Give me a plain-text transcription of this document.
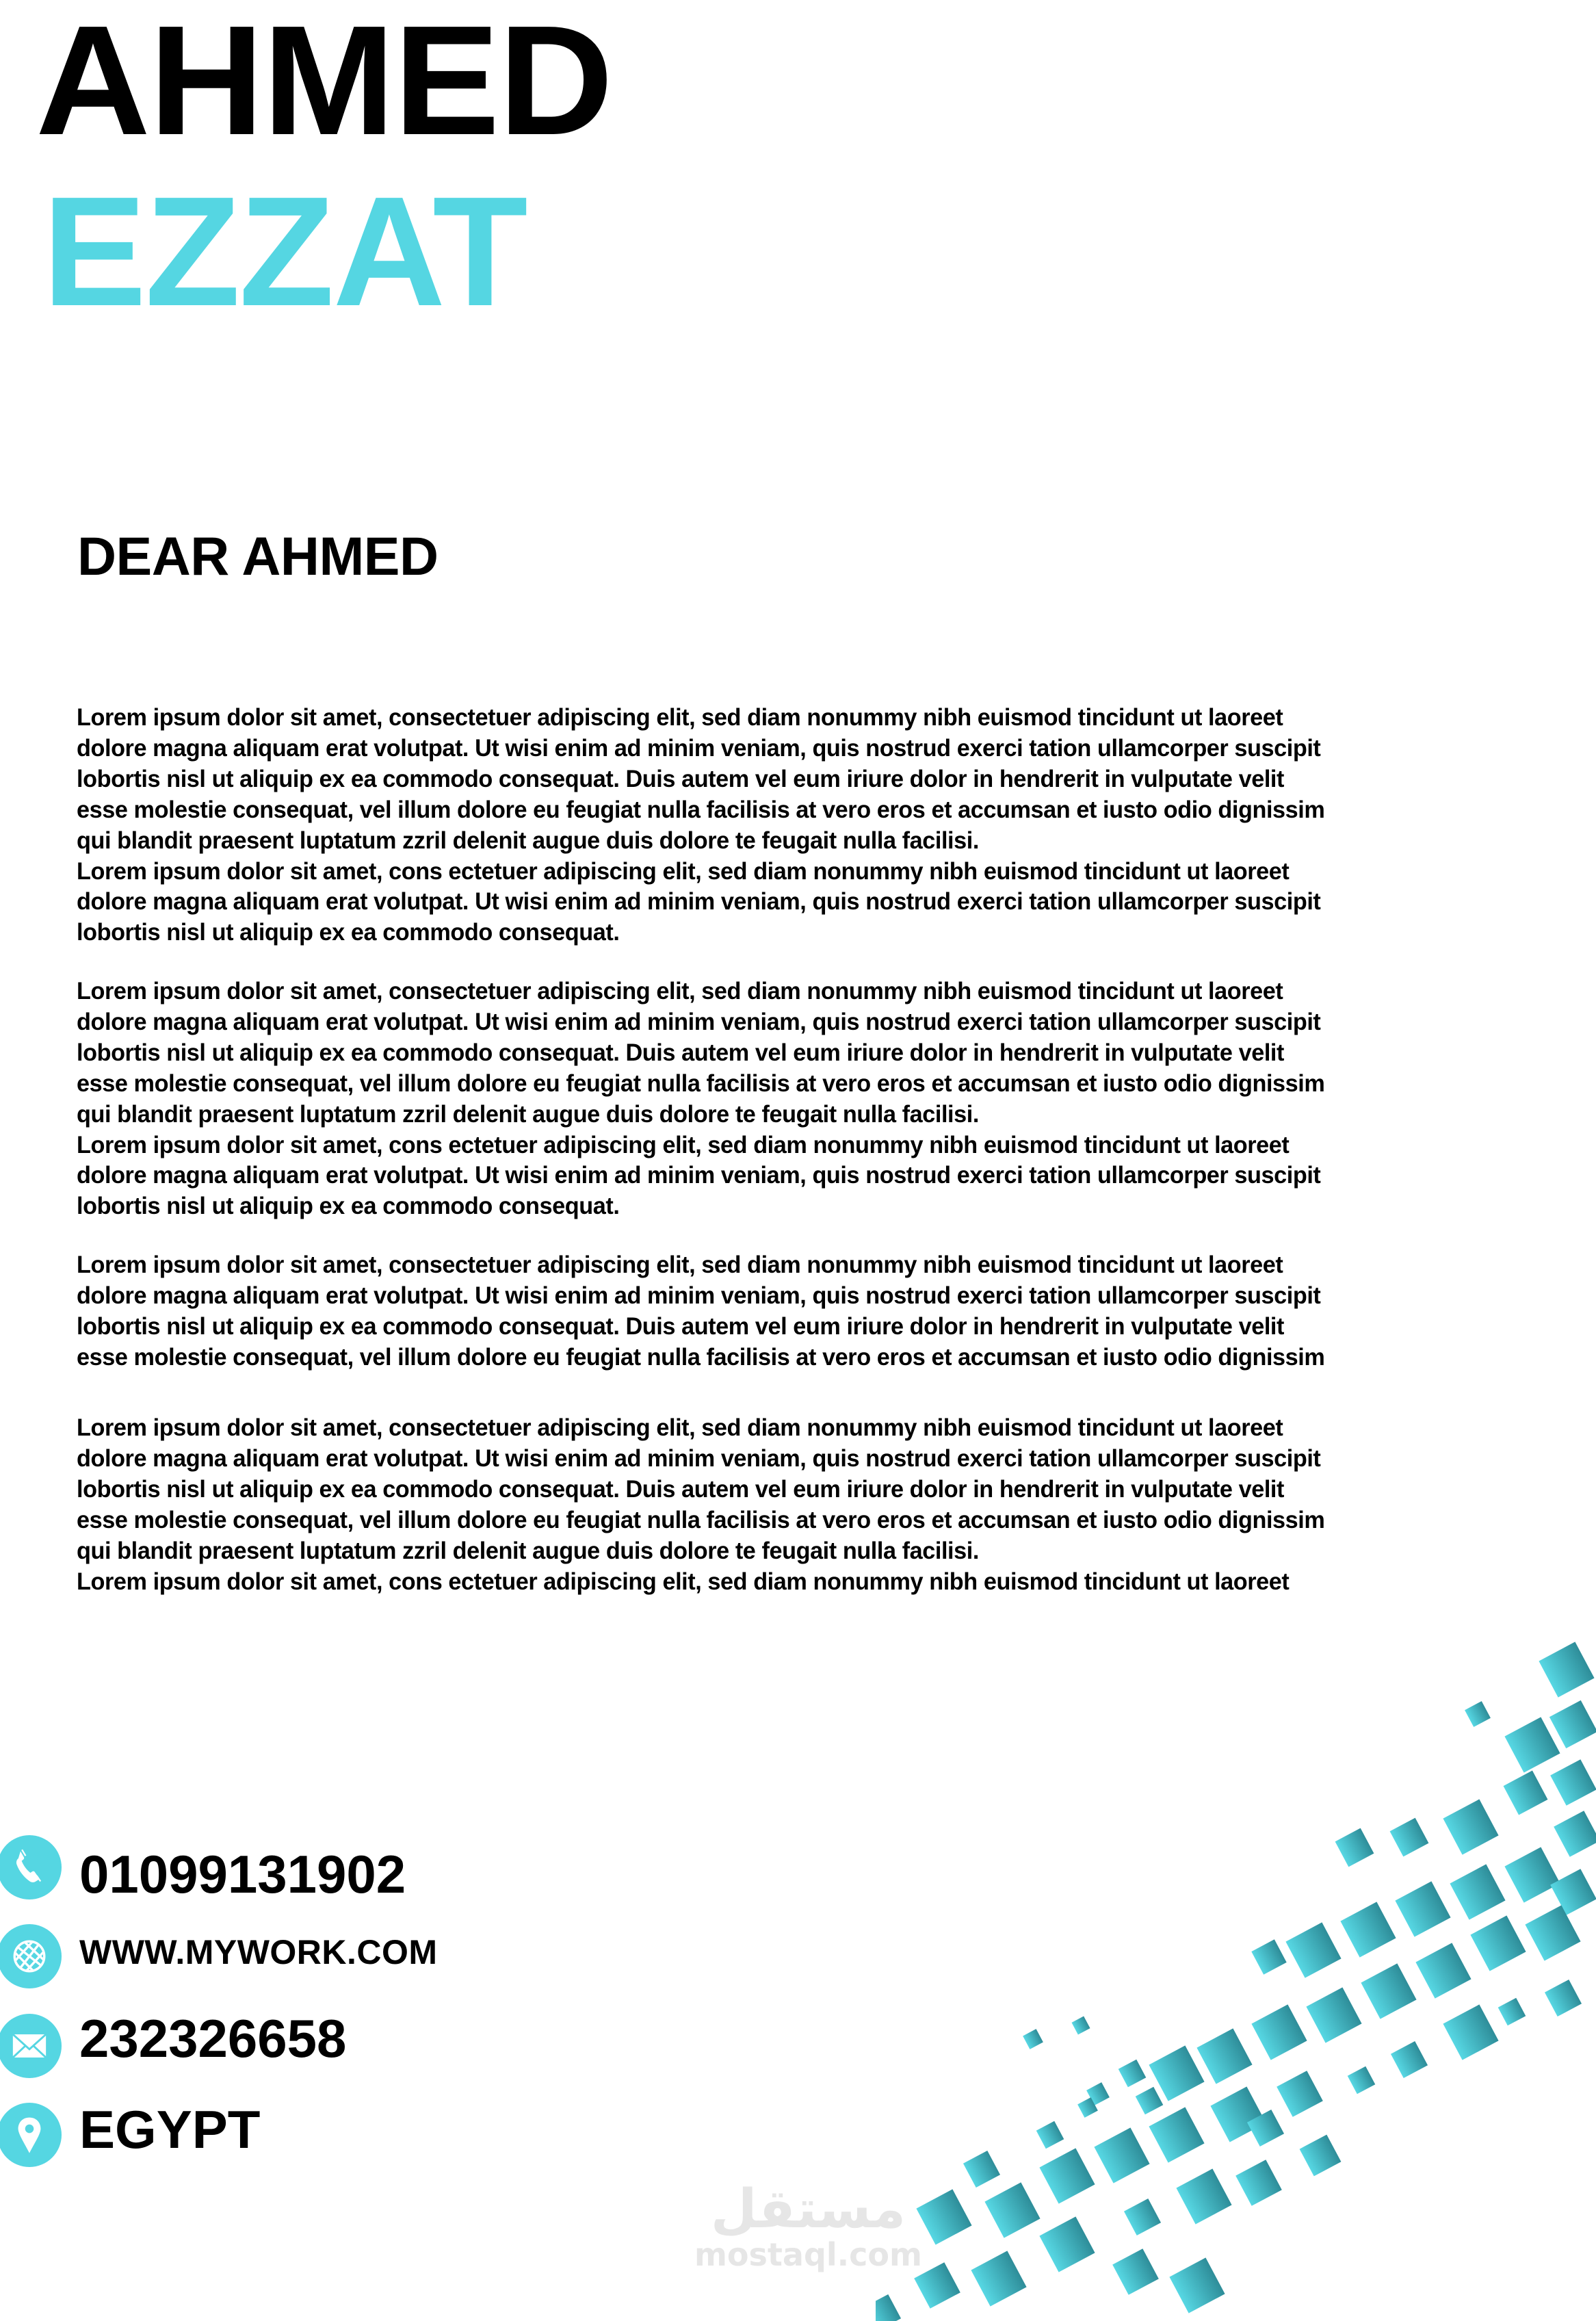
AHMED
EZZAT
DEAR AHMED

Lorem ipsum dolor sit amet, consectetuer adipiscing elit, sed diam nonummy nibh euismod tincidunt ut laoreet

dolore magna aliquam erat volutpat. Ut wisi enim ad minim veniam, quis nostrud exerci tation ullamcorper suscipit

lobortis nisl ut aliquip ex ea commodo consequat. Duis autem vel eum iriure dolor in hendrerit in vulputate velit

esse molestie consequat, vel illum dolore eu feugiat nulla facilisis at vero eros et accumsan et iusto odio dignissim

qui blandit praesent luptatum zzril delenit augue duis dolore te feugait nulla facilisi.

Lorem ipsum dolor sit amet, cons ectetuer adipiscing elit, sed diam nonummy nibh euismod tincidunt ut laoreet

dolore magna aliquam erat volutpat. Ut wisi enim ad minim veniam, quis nostrud exerci tation ullamcorper suscipit

lobortis nisl ut aliquip ex ea commodo consequat.

Lorem ipsum dolor sit amet, consectetuer adipiscing elit, sed diam nonummy nibh euismod tincidunt ut laoreet

dolore magna aliquam erat volutpat. Ut wisi enim ad minim veniam, quis nostrud exerci tation ullamcorper suscipit

lobortis nisl ut aliquip ex ea commodo consequat. Duis autem vel eum iriure dolor in hendrerit in vulputate velit

esse molestie consequat, vel illum dolore eu feugiat nulla facilisis at vero eros et accumsan et iusto odio dignissim

qui blandit praesent luptatum zzril delenit augue duis dolore te feugait nulla facilisi.

Lorem ipsum dolor sit amet, cons ectetuer adipiscing elit, sed diam nonummy nibh euismod tincidunt ut laoreet

dolore magna aliquam erat volutpat. Ut wisi enim ad minim veniam, quis nostrud exerci tation ullamcorper suscipit

lobortis nisl ut aliquip ex ea commodo consequat.

Lorem ipsum dolor sit amet, consectetuer adipiscing elit, sed diam nonummy nibh euismod tincidunt ut laoreet

dolore magna aliquam erat volutpat. Ut wisi enim ad minim veniam, quis nostrud exerci tation ullamcorper suscipit

lobortis nisl ut aliquip ex ea commodo consequat. Duis autem vel eum iriure dolor in hendrerit in vulputate velit

esse molestie consequat, vel illum dolore eu feugiat nulla facilisis at vero eros et accumsan et iusto odio dignissim

Lorem ipsum dolor sit amet, consectetuer adipiscing elit, sed diam nonummy nibh euismod tincidunt ut laoreet

dolore magna aliquam erat volutpat. Ut wisi enim ad minim veniam, quis nostrud exerci tation ullamcorper suscipit

lobortis nisl ut aliquip ex ea commodo consequat. Duis autem vel eum iriure dolor in hendrerit in vulputate velit

esse molestie consequat, vel illum dolore eu feugiat nulla facilisis at vero eros et accumsan et iusto odio dignissim

qui blandit praesent luptatum zzril delenit augue duis dolore te feugait nulla facilisi.

Lorem ipsum dolor sit amet, cons ectetuer adipiscing elit, sed diam nonummy nibh euismod tincidunt ut laoreet

01099131902
WWW.MYWORK.COM
232326658
EGYPT
مستقل
mostaql.com
